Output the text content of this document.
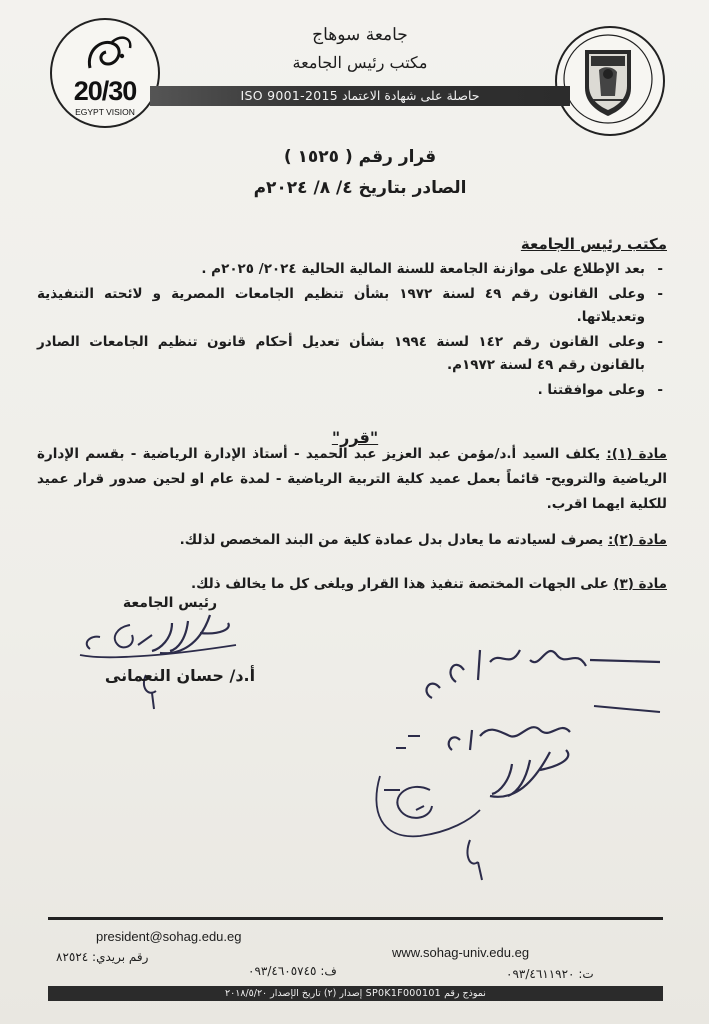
20/30
EGYPT VISION
جامعة سوهاج
مكتب رئيس الجامعة
حاصلة على شهادة الاعتماد ISO 9001-2015
قرار رقم ( ١٥٢٥ )
الصادر بتاريخ ٤/ ٨/ ٢٠٢٤م
مكتب رئيس الجامعة
- بعد الإطلاع على موازنة الجامعة للسنة المالية الحالية ٢٠٢٤/ ٢٠٢٥م .
- وعلى القانون رقم ٤٩ لسنة ١٩٧٢ بشأن تنظيم الجامعات المصرية و لائحته التنفيذية وتعديلاتها.
- وعلى القانون رقم ١٤٢ لسنة ١٩٩٤ بشأن تعديل أحكام قانون تنظيم الجامعات الصادر بالقانون رقم ٤٩ لسنة ١٩٧٢م.
- وعلى موافقتنا .
"قرر"
مادة (١): يكلف السيد أ.د/مؤمن عبد العزيز عبد الحميد - أستاذ الإدارة الرياضية - بقسم الإدارة الرياضية والترويح- قائماً بعمل عميد كلية التربية الرياضية - لمدة عام او لحين صدور قرار عميد للكلية ايهما اقرب.
مادة (٢): يصرف لسيادته ما يعادل بدل عمادة كلية من البند المخصص لذلك.
مادة (٣) على الجهات المختصة تنفيذ هذا القرار ويلغى كل ما يخالف ذلك.
رئيس الجامعة
أ.د/ حسان النعمانى
president@sohag.edu.eg
www.sohag-univ.edu.eg
رقم بريدي: ٨٢٥٢٤
ف: ٠٩٣/٤٦٠٥٧٤٥	ت: ٠٩٣/٤٦١١٩٢٠
نموذج رقم SP0K1F000101 إصدار (٢) تاريخ الإصدار ٢٠١٨/٥/٢٠
